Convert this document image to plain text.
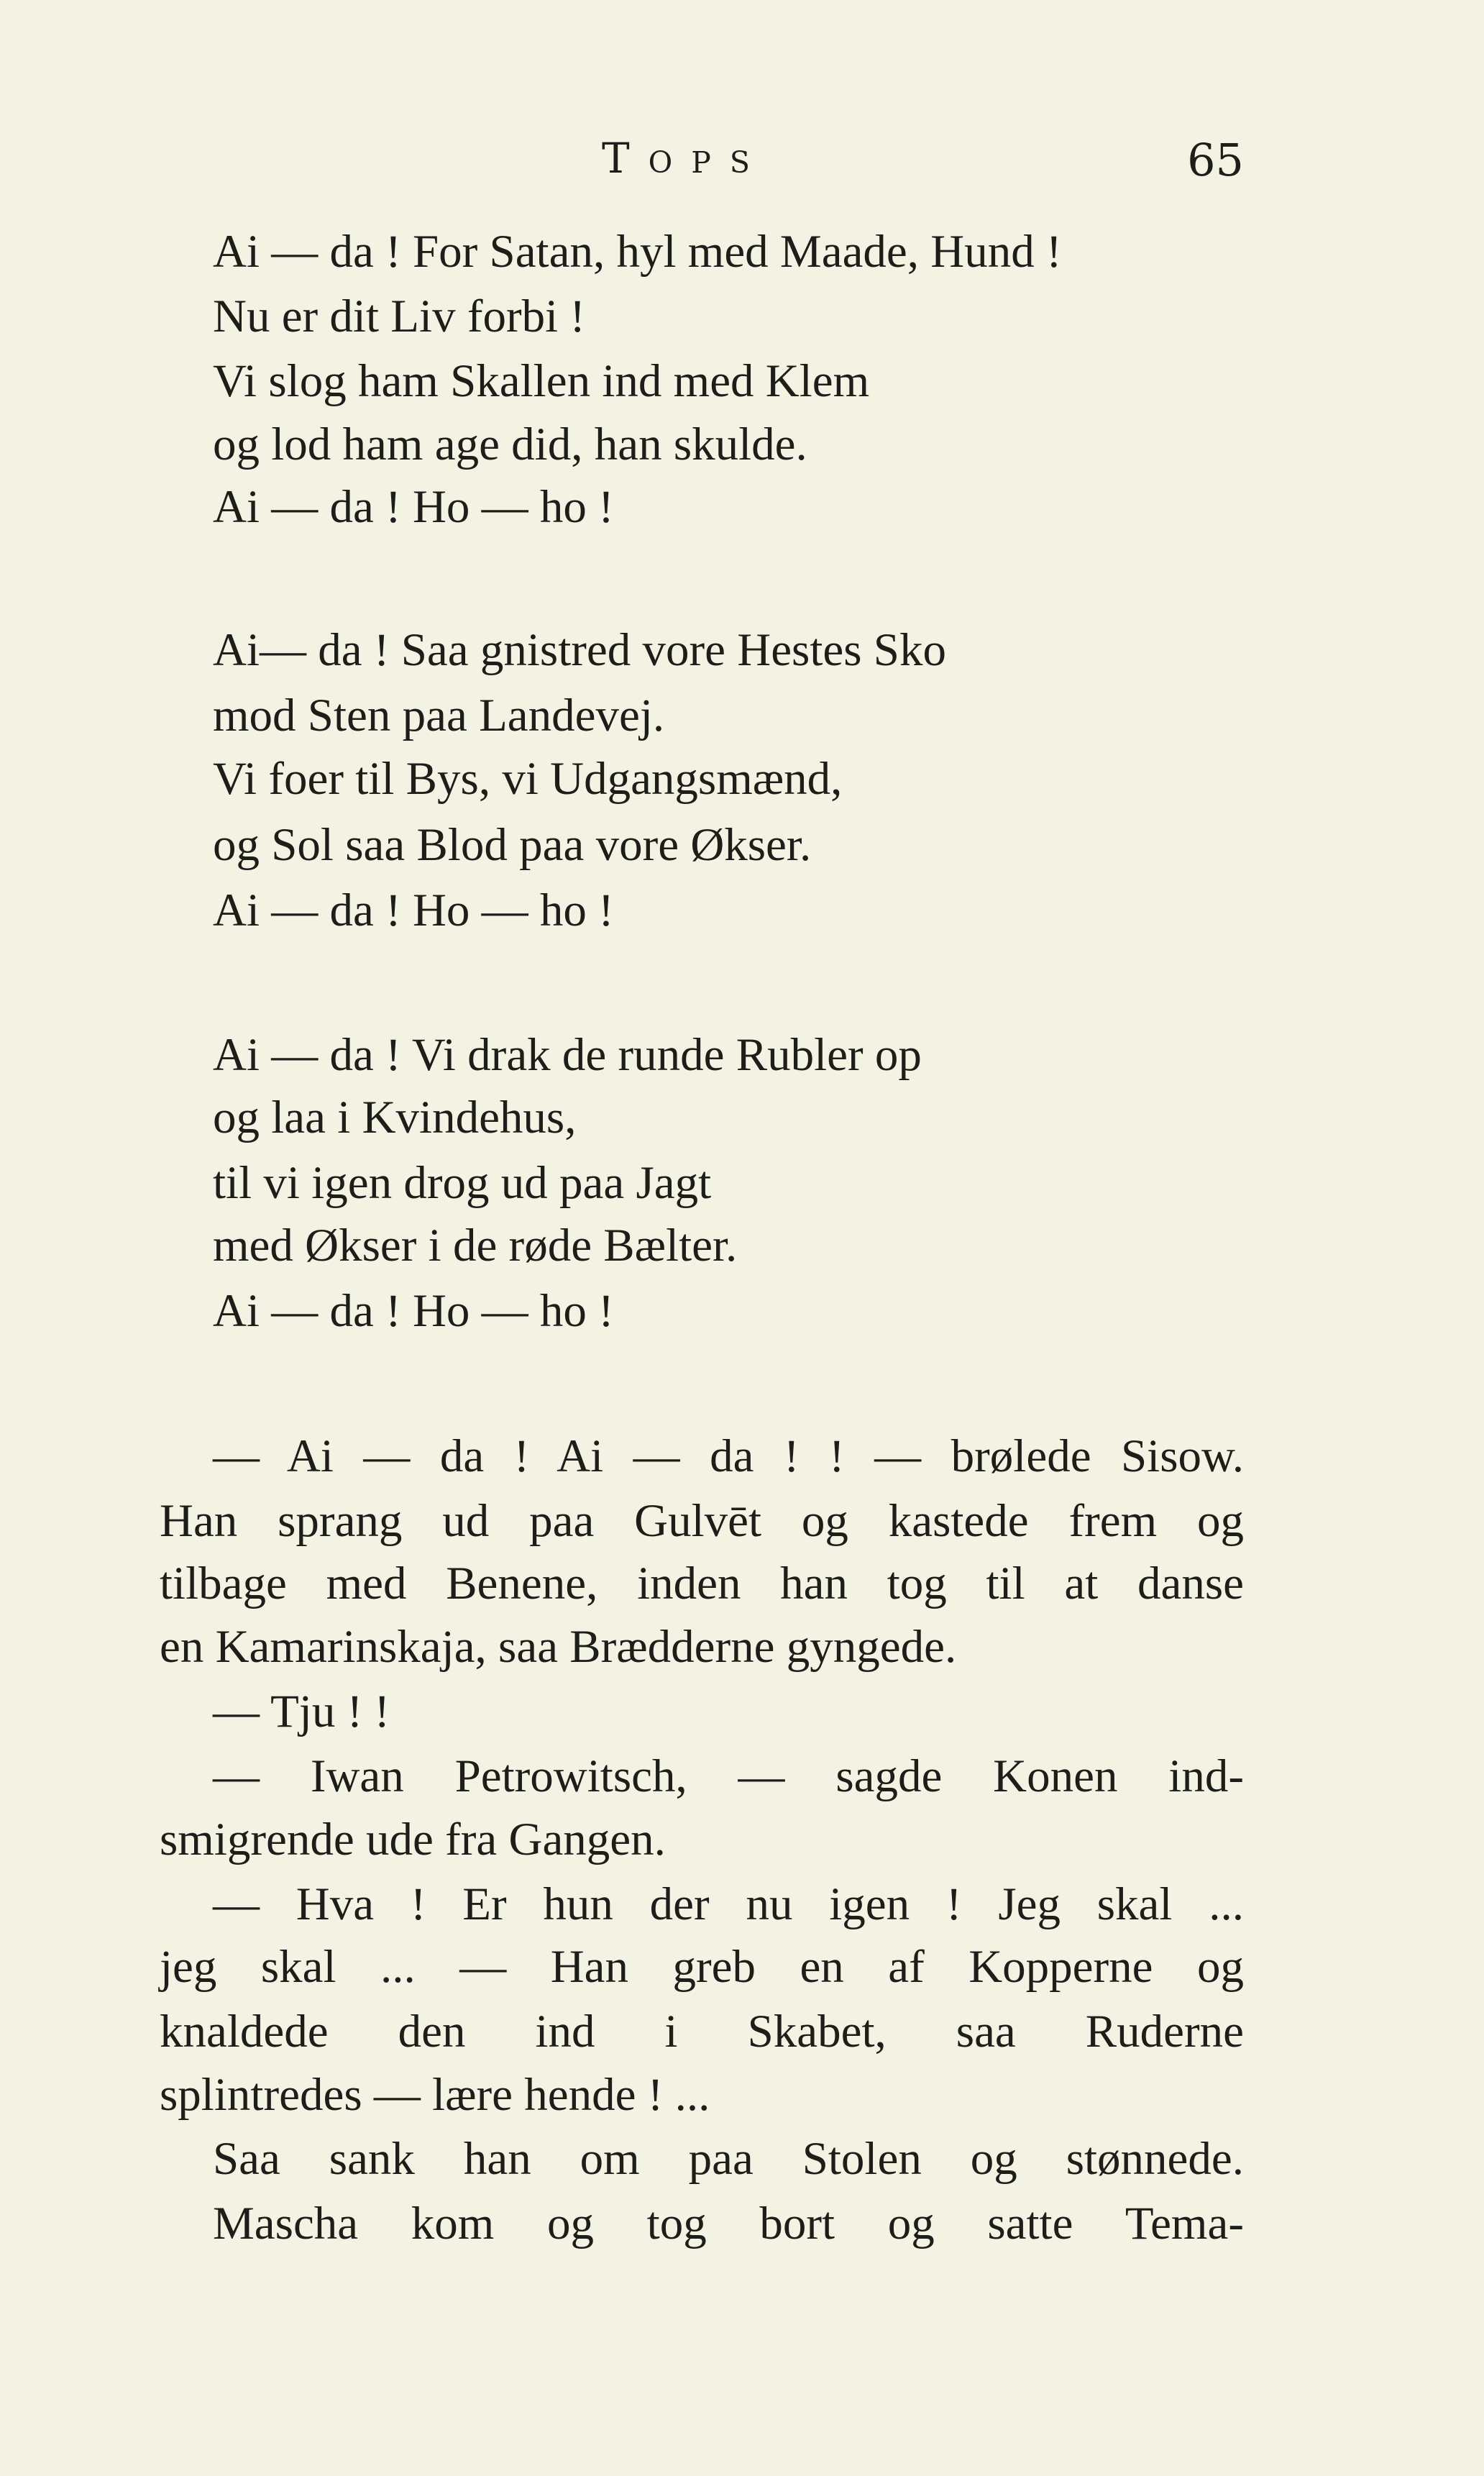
Tops	65
Ai — da ! For Satan, hyl med Maade, Hund !
Nu er dit Liv forbi !
Vi slog ham Skallen ind med Klem
og lod ham age did, han skulde.
Ai — da ! Ho — ho !
Ai— da ! Saa gnistred vore Hestes Sko
mod Sten paa Landevej.
Vi foer til Bys, vi Udgangsmænd,
og Sol saa Blod paa vore Økser.
Ai — da ! Ho — ho !
Ai — da ! Vi drak de runde Rubler op
og laa i Kvindehus,
til vi igen drog ud paa Jagt
med Økser i de røde Bælter.
Ai — da ! Ho — ho !
— Ai — da ! Ai — da ! ! — brølede Sisow.
Han sprang ud paa Gulvēt og kastede frem og
tilbage med Benene, inden han tog til at danse
en Kamarinskaja, saa Brædderne gyngede.
— Tju ! !
— Iwan Petrowitsch, — sagde Konen ind-
smigrende ude fra Gangen.
— Hva ! Er hun der nu igen ! Jeg skal ...
jeg skal ... — Han greb en af Kopperne og
knaldede den ind i Skabet, saa Ruderne
splintredes — lære hende ! ...
Saa sank han om paa Stolen og stønnede.
Mascha kom og tog bort og satte Tema-
